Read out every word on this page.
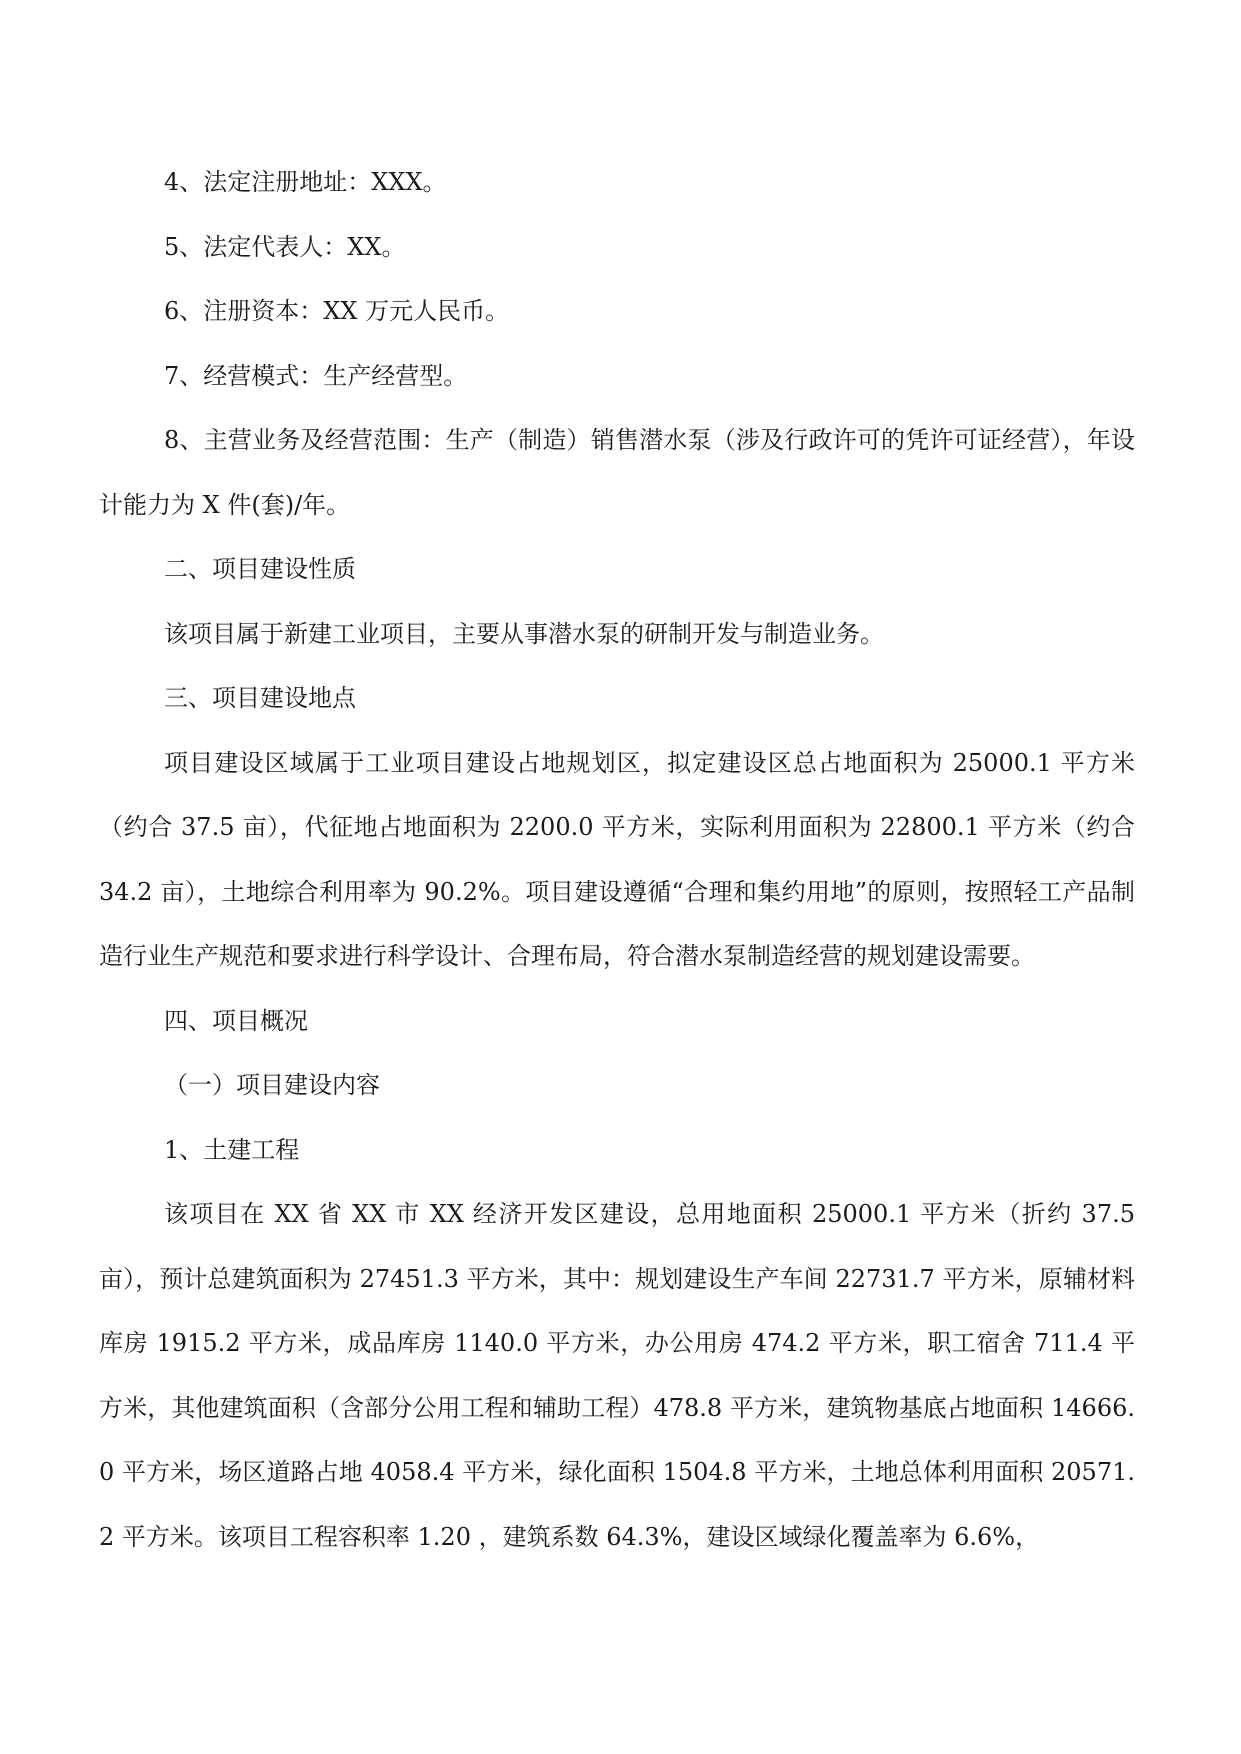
4、法定注册地址：XXX。

5、法定代表人：XX。

6、注册资本：XX 万元人民币。

7、经营模式：生产经营型。

8、主营业务及经营范围：生产（制造）销售潜水泵（涉及行政许可的凭许可证经营），年设计能力为 X 件(套)/年。

二、项目建设性质

该项目属于新建工业项目，主要从事潜水泵的研制开发与制造业务。

三、项目建设地点

项目建设区域属于工业项目建设占地规划区，拟定建设区总占地面积为 25000.1 平方米（约合 37.5 亩），代征地占地面积为 2200.0 平方米，实际利用面积为 22800.1 平方米（约合 34.2 亩），土地综合利用率为 90.2%。项目建设遵循“合理和集约用地”的原则，按照轻工产品制造行业生产规范和要求进行科学设计、合理布局，符合潜水泵制造经营的规划建设需要。

四、项目概况

（一）项目建设内容

1、土建工程

该项目在 XX 省 XX 市 XX 经济开发区建设，总用地面积 25000.1 平方米（折约 37.5 亩），预计总建筑面积为 27451.3 平方米，其中：规划建设生产车间 22731.7 平方米，原辅材料库房 1915.2 平方米，成品库房 1140.0 平方米，办公用房 474.2 平方米，职工宿舍 711.4 平方米，其他建筑面积（含部分公用工程和辅助工程）478.8 平方米，建筑物基底占地面积 14666.0 平方米，场区道路占地 4058.4 平方米，绿化面积 1504.8 平方米，土地总体利用面积 20571.2 平方米。该项目工程容积率 1.20 ，建筑系数 64.3%，建设区域绿化覆盖率为 6.6%，
